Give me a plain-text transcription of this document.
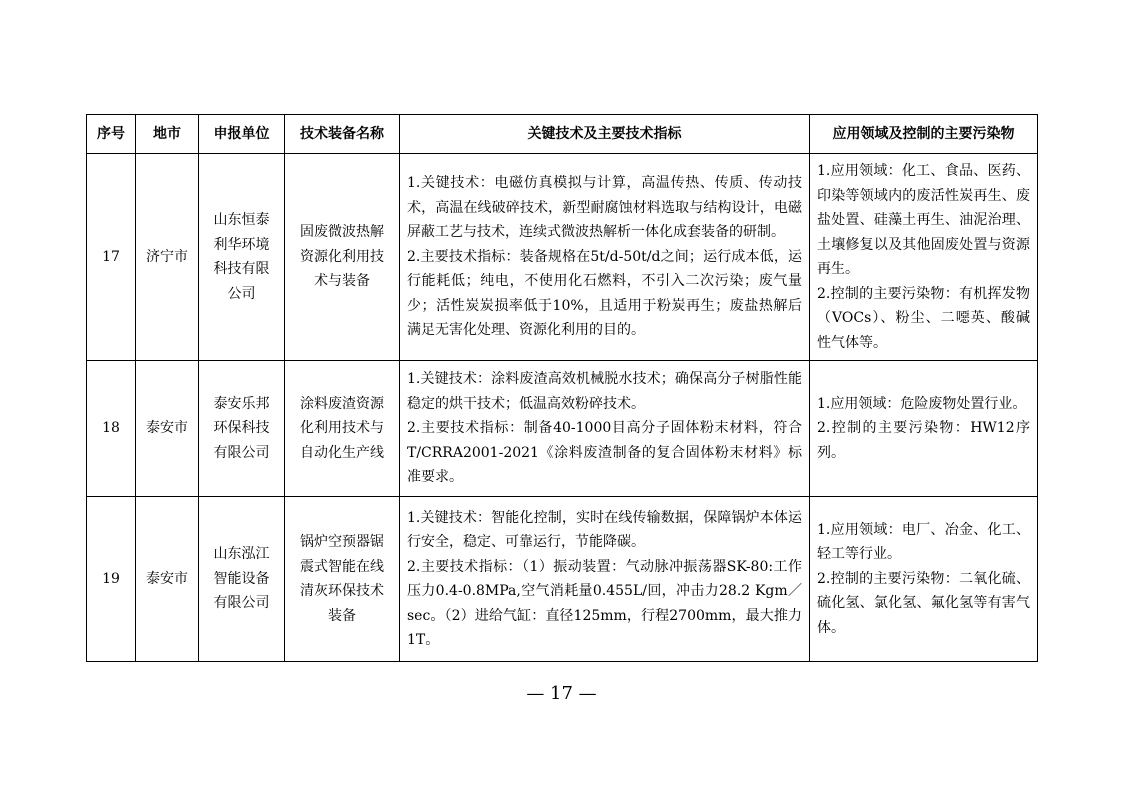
序号	地市	申报单位	技术装备名称	关键技术及主要技术指标	应用领域及控制的主要污染物
17	济宁市	山东恒泰利华环境科技有限公司	固废微波热解资源化利用技术与装备	1.关键技术：电磁仿真模拟与计算，高温传热、传质、传动技术，高温在线破碎技术，新型耐腐蚀材料选取与结构设计，电磁屏蔽工艺与技术，连续式微波热解析一体化成套装备的研制。
2.主要技术指标：装备规格在5t/d-50t/d之间；运行成本低，运行能耗低；纯电，不使用化石燃料，不引入二次污染；废气量少；活性炭炭损率低于10%，且适用于粉炭再生；废盐热解后满足无害化处理、资源化利用的目的。	1.应用领域：化工、食品、医药、印染等领域内的废活性炭再生、废盐处置、硅藻土再生、油泥治理、土壤修复以及其他固废处置与资源再生。
2.控制的主要污染物：有机挥发物（VOCs）、粉尘、二噁英、酸碱性气体等。

18	泰安市	泰安乐邦环保科技有限公司	涂料废渣资源化利用技术与自动化生产线	1.关键技术：涂料废渣高效机械脱水技术；确保高分子树脂性能稳定的烘干技术；低温高效粉碎技术。
2.主要技术指标：制备40-1000目高分子固体粉末材料，符合T/CRRA2001-2021《涂料废渣制备的复合固体粉末材料》标准要求。	1.应用领域：危险废物处置行业。
2.控制的主要污染物：HW12序列。

19	泰安市	山东泓江智能设备有限公司	锅炉空预器锯震式智能在线清灰环保技术装备	1.关键技术：智能化控制，实时在线传输数据，保障锅炉本体运行安全，稳定、可靠运行，节能降碳。
2.主要技术指标：（1）振动装置：气动脉冲振荡器SK-80:工作压力0.4-0.8MPa,空气消耗量0.455L/回，冲击力28.2 Kgm／sec。（2）进给气缸：直径125mm，行程2700mm，最大推力1T。	1.应用领域：电厂、冶金、化工、轻工等行业。
2.控制的主要污染物：二氧化硫、硫化氢、氯化氢、氟化氢等有害气体。
— 17 —
